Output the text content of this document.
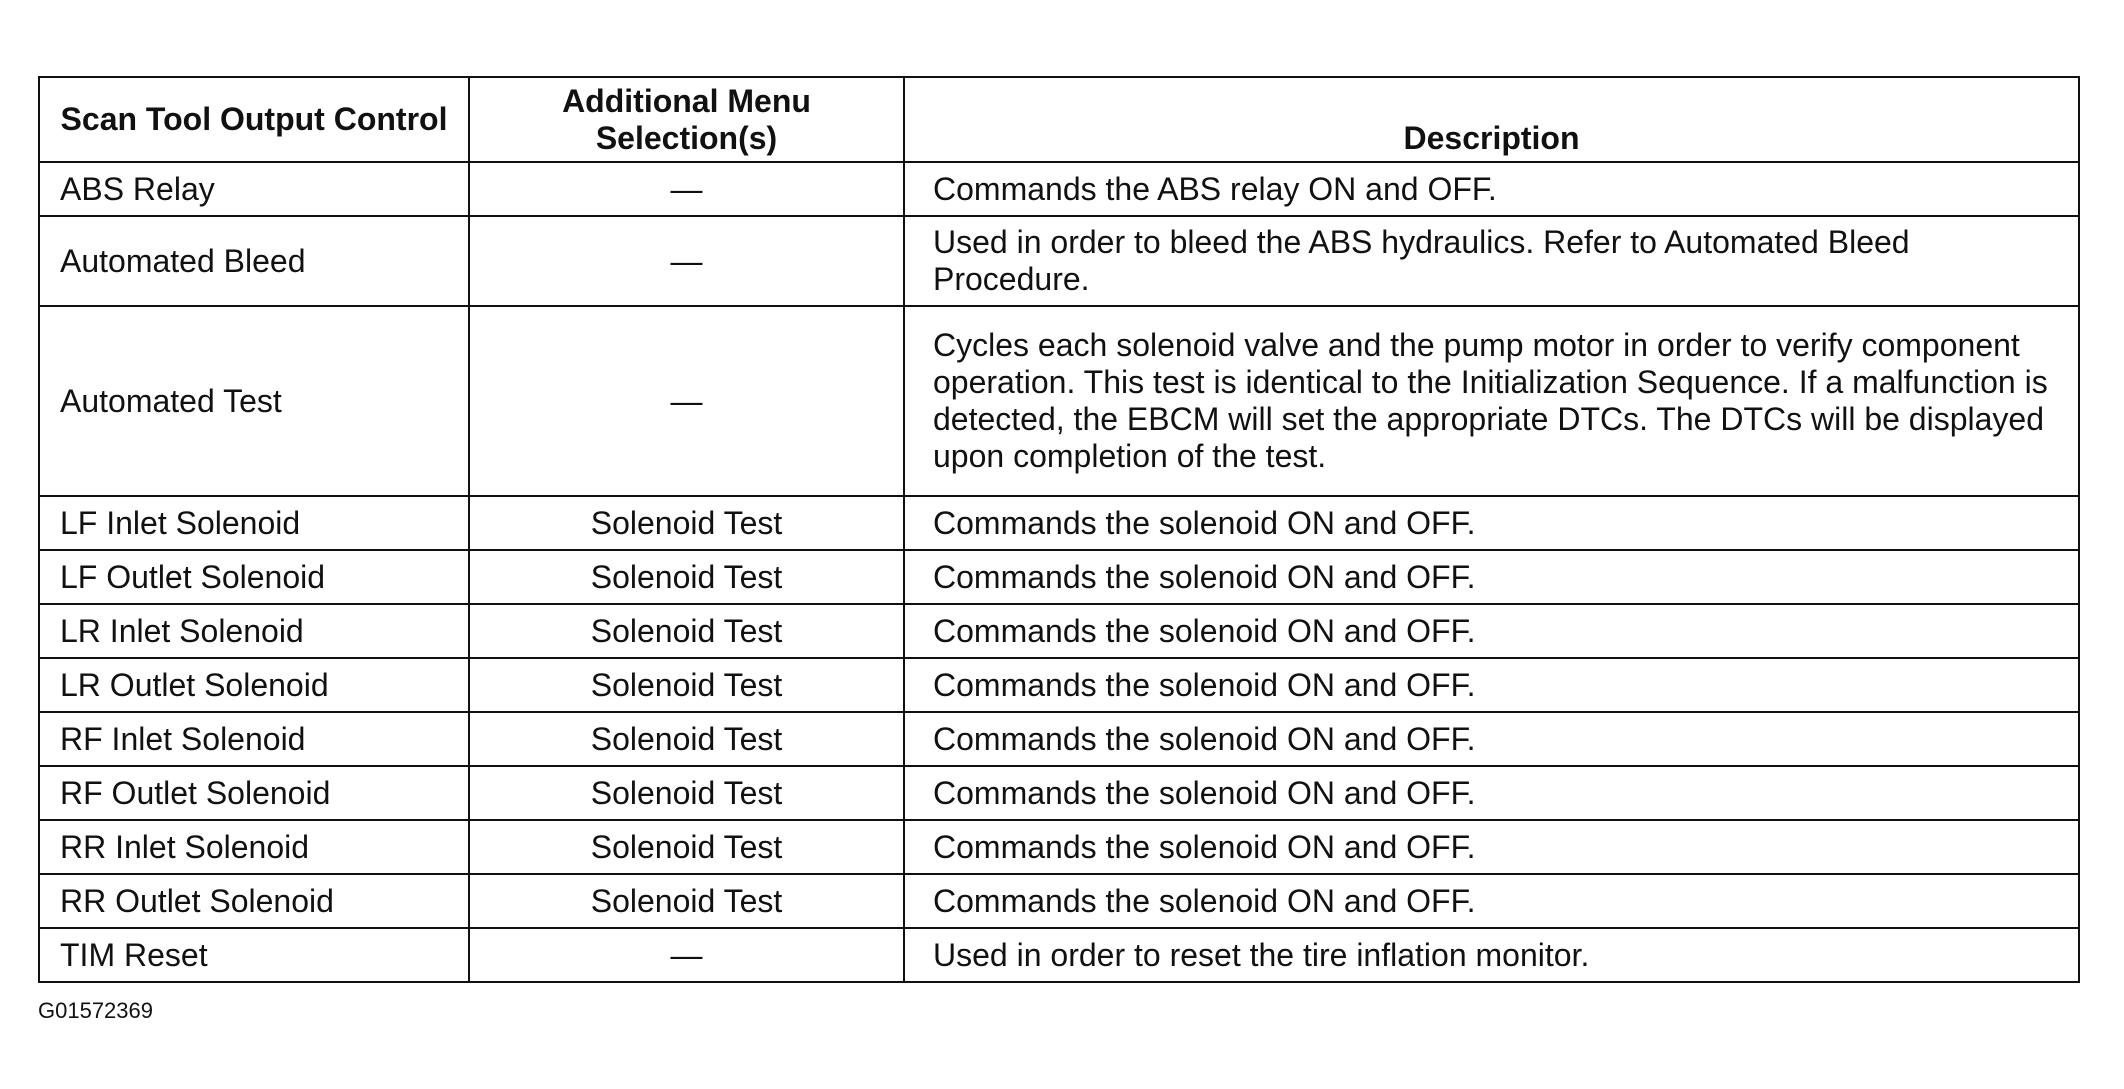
Scan Tool Output Control	Additional Menu Selection(s)	Description
ABS Relay	—	Commands the ABS relay ON and OFF.
Automated Bleed	—	Used in order to bleed the ABS hydraulics. Refer to Automated Bleed Procedure.
Automated Test	—	Cycles each solenoid valve and the pump motor in order to verify component operation. This test is identical to the Initialization Sequence. If a malfunction is detected, the EBCM will set the appropriate DTCs. The DTCs will be displayed upon completion of the test.
LF Inlet Solenoid	Solenoid Test	Commands the solenoid ON and OFF.
LF Outlet Solenoid	Solenoid Test	Commands the solenoid ON and OFF.
LR Inlet Solenoid	Solenoid Test	Commands the solenoid ON and OFF.
LR Outlet Solenoid	Solenoid Test	Commands the solenoid ON and OFF.
RF Inlet Solenoid	Solenoid Test	Commands the solenoid ON and OFF.
RF Outlet Solenoid	Solenoid Test	Commands the solenoid ON and OFF.
RR Inlet Solenoid	Solenoid Test	Commands the solenoid ON and OFF.
RR Outlet Solenoid	Solenoid Test	Commands the solenoid ON and OFF.
TIM Reset	—	Used in order to reset the tire inflation monitor.
G01572369
